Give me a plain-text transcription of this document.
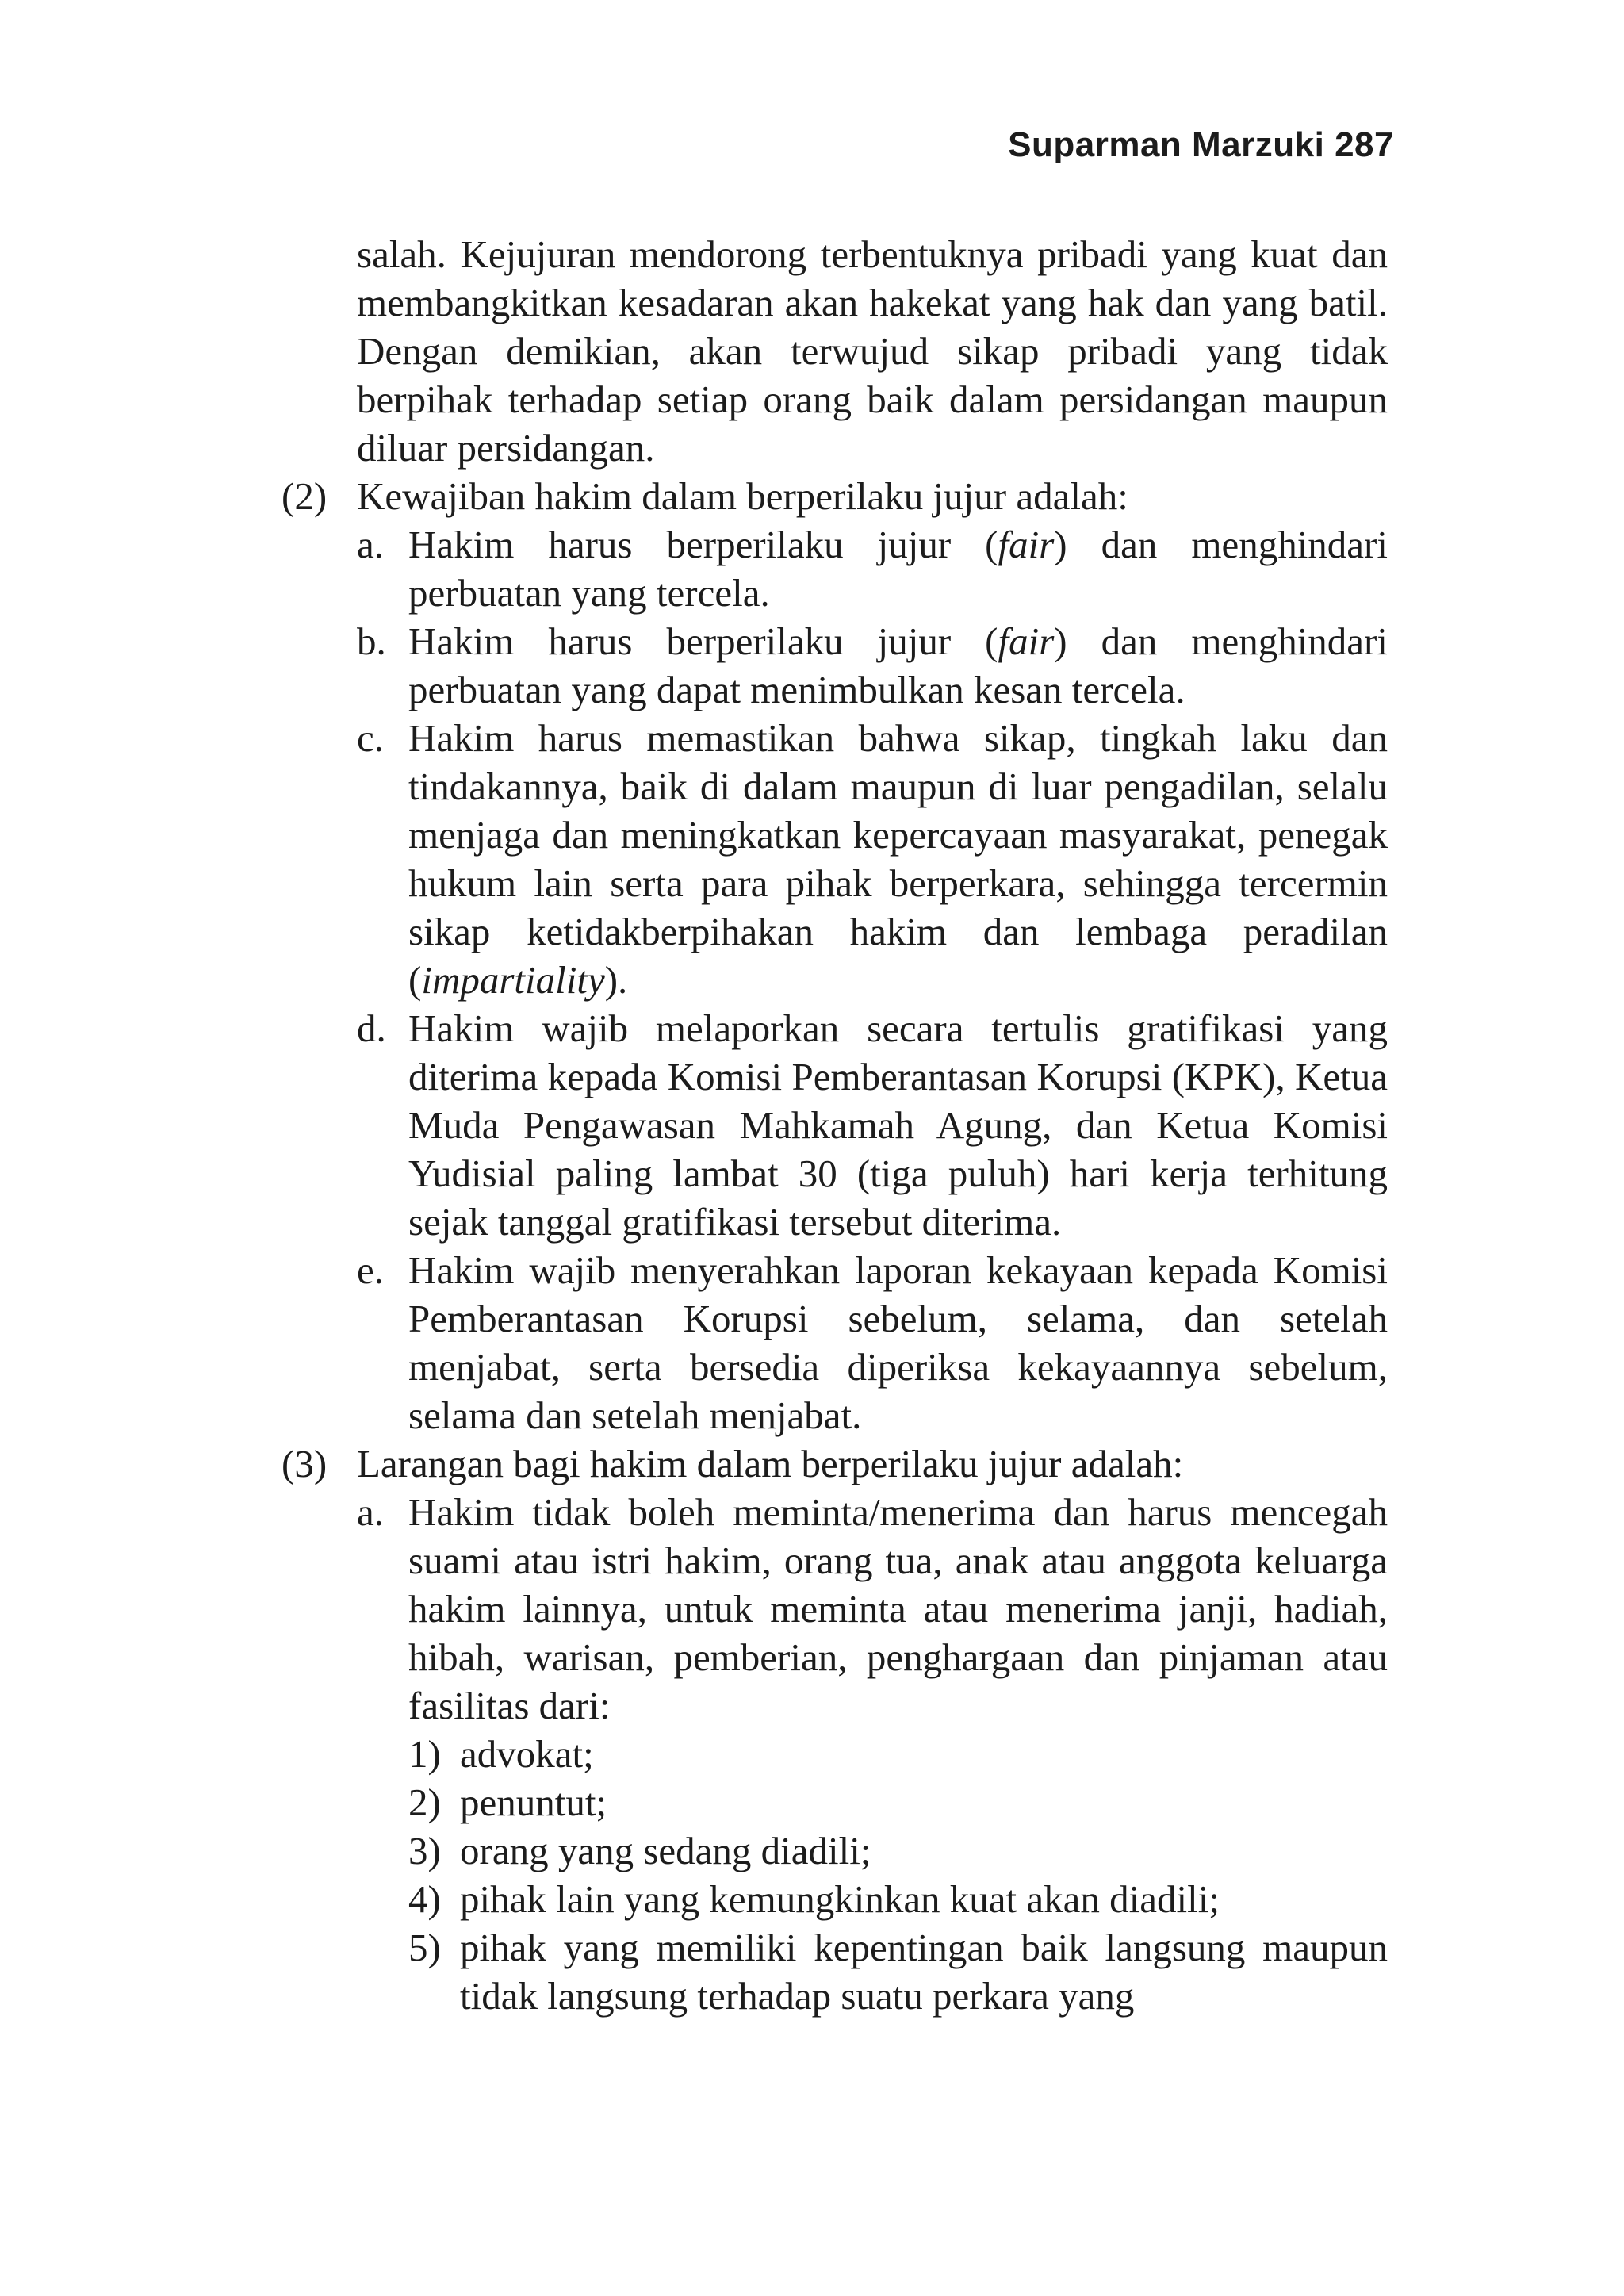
Suparman Marzuki 287

salah. Kejujuran mendorong terbentuknya pribadi yang kuat dan membangkitkan kesadaran akan hakekat yang hak dan yang batil. Dengan demikian, akan terwujud sikap pribadi yang tidak berpihak terhadap setiap orang baik dalam persidangan maupun diluar persidangan.

(2) Kewajiban hakim dalam berperilaku jujur adalah:
a. Hakim harus berperilaku jujur (fair) dan menghindari perbuatan yang tercela.
b. Hakim harus berperilaku jujur (fair) dan menghindari perbuatan yang dapat menimbulkan kesan tercela.
c. Hakim harus memastikan bahwa sikap, tingkah laku dan tindakannya, baik di dalam maupun di luar pengadilan, selalu menjaga dan meningkatkan kepercayaan masyarakat, penegak hukum lain serta para pihak berperkara, sehingga tercermin sikap ketidakberpihakan hakim dan lembaga peradilan (impartiality).
d. Hakim wajib melaporkan secara tertulis gratifikasi yang diterima kepada Komisi Pemberantasan Korupsi (KPK), Ketua Muda Pengawasan Mahkamah Agung, dan Ketua Komisi Yudisial paling lambat 30 (tiga puluh) hari kerja terhitung sejak tanggal gratifikasi tersebut diterima.
e. Hakim wajib menyerahkan laporan kekayaan kepada Komisi Pemberantasan Korupsi sebelum, selama, dan setelah menjabat, serta bersedia diperiksa kekayaannya sebelum, selama dan setelah menjabat.
(3) Larangan bagi hakim dalam berperilaku jujur adalah:
a. Hakim tidak boleh meminta/menerima dan harus mencegah suami atau istri hakim, orang tua, anak atau anggota keluarga hakim lainnya, untuk meminta atau menerima janji, hadiah, hibah, warisan, pemberian, penghargaan dan pinjaman atau fasilitas dari:
1) advokat;
2) penuntut;
3) orang yang sedang diadili;
4) pihak lain yang kemungkinkan kuat akan diadili;
5) pihak yang memiliki kepentingan baik langsung maupun tidak langsung terhadap suatu perkara yang
